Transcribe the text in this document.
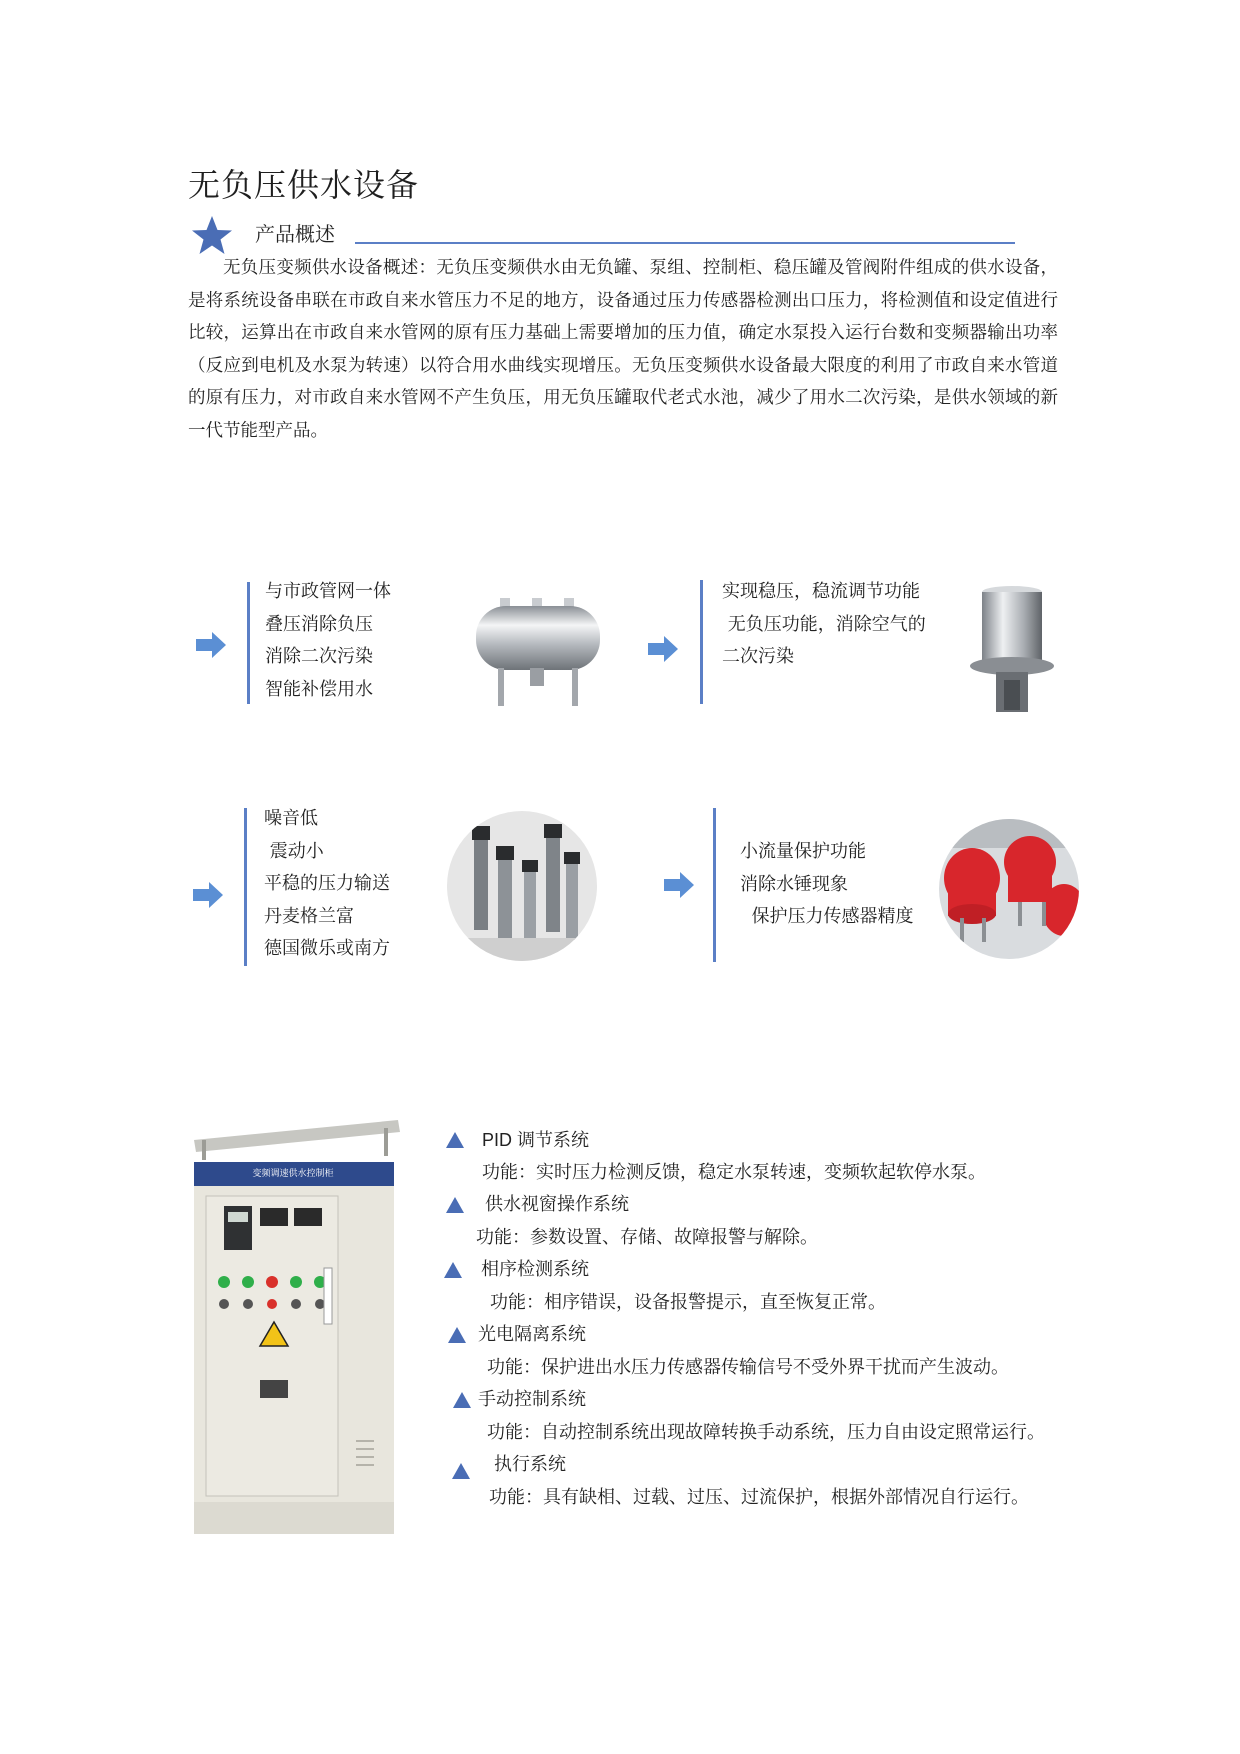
无负压供水设备
产品概述

无负压变频供水设备概述：无负压变频供水由无负罐、泵组、控制柜、稳压罐及管阀附件组成的供水设备，是将系统设备串联在市政自来水管压力不足的地方，设备通过压力传感器检测出口压力，将检测值和设定值进行比较，运算出在市政自来水管网的原有压力基础上需要增加的压力值，确定水泵投入运行台数和变频器输出功率（反应到电机及水泵为转速）以符合用水曲线实现增压。无负压变频供水设备最大限度的利用了市政自来水管道的原有压力，对市政自来水管网不产生负压，用无负压罐取代老式水池，减少了用水二次污染，是供水领域的新一代节能型产品。

与市政管网一体
叠压消除负压
消除二次污染
智能补偿用水
实现稳压，稳流调节功能
无负压功能，消除空气的
二次污染
噪音低
震动小
平稳的压力输送
丹麦格兰富
德国微乐或南方
小流量保护功能
消除水锤现象
保护压力传感器精度
变频调速供水控制柜
PID 调节系统
功能：实时压力检测反馈，稳定水泵转速，变频软起软停水泵。
供水视窗操作系统
功能：参数设置、存储、故障报警与解除。
相序检测系统
功能：相序错误，设备报警提示，直至恢复正常。
光电隔离系统
功能：保护进出水压力传感器传输信号不受外界干扰而产生波动。
手动控制系统
功能：自动控制系统出现故障转换手动系统，压力自由设定照常运行。
执行系统
功能：具有缺相、过载、过压、过流保护，根据外部情况自行运行。
